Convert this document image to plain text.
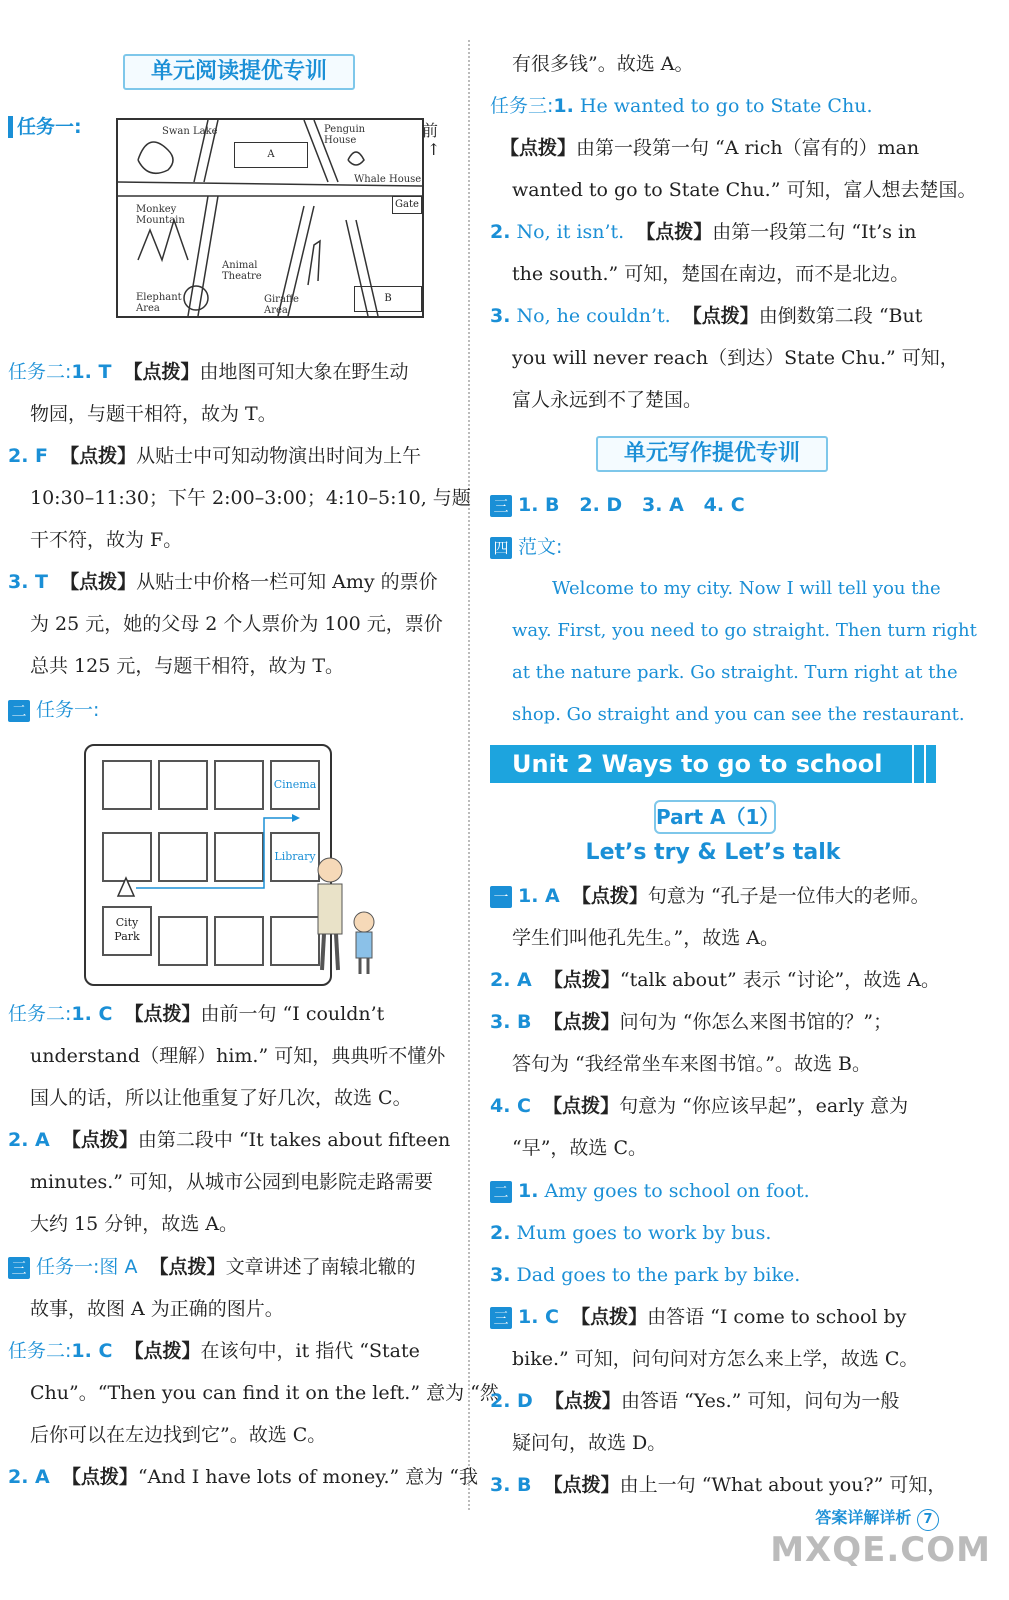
单元阅读提优专训
任务一:	Swan Lake	Penguin House
Whale House
A
Gate
Monkey Mountain
Animal Theatre
Elephant Area
Giraffe Area
B
前
↑
任务二:1. T 【点拨】由地图可知大象在野生动
物园，与题干相符，故为 T。
2. F 【点拨】从贴士中可知动物演出时间为上午
10:30–11:30；下午 2:00–3:00；4:10–5:10, 与题
干不符，故为 F。
3. T 【点拨】从贴士中价格一栏可知 Amy 的票价
为 25 元，她的父母 2 个人票价为 100 元，票价
总共 125 元，与题干相符，故为 T。
二 任务一:
Cinema
Library
City Park
任务二:1. C 【点拨】由前一句 “I couldn’t
understand（理解）him.” 可知，典典听不懂外
国人的话，所以让他重复了好几次，故选 C。
2. A 【点拨】由第二段中 “It takes about fifteen
minutes.” 可知，从城市公园到电影院走路需要
大约 15 分钟，故选 A。
三 任务一:图 A 【点拨】文章讲述了南辕北辙的
故事，故图 A 为正确的图片。
任务二:1. C 【点拨】在该句中，it 指代 “State
Chu”。“Then you can find it on the left.” 意为 “然
后你可以在左边找到它”。故选 C。
2. A 【点拨】“And I have lots of money.” 意为 “我
有很多钱”。故选 A。
任务三:1. He wanted to go to State Chu.
【点拨】由第一段第一句 “A rich（富有的）man
wanted to go to State Chu.” 可知，富人想去楚国。
2. No, it isn’t. 【点拨】由第一段第二句 “It’s in
the south.” 可知，楚国在南边，而不是北边。
3. No, he couldn’t. 【点拨】由倒数第二段 “But
you will never reach（到达）State Chu.” 可知，
富人永远到不了楚国。
单元写作提优专训
三 1. B   2. D   3. A   4. C
四 范文:
Welcome to my city. Now I will tell you the
way. First, you need to go straight. Then turn right
at the nature park. Go straight. Turn right at the
shop. Go straight and you can see the restaurant.
Unit 2 Ways to go to school
Part A（1）
Let’s try & Let’s talk
一 1. A 【点拨】句意为 “孔子是一位伟大的老师。
学生们叫他孔先生。”，故选 A。
2. A 【点拨】“talk about” 表示 “讨论”，故选 A。
3. B 【点拨】问句为 “你怎么来图书馆的？”；
答句为 “我经常坐车来图书馆。”。故选 B。
4. C 【点拨】句意为 “你应该早起”，early 意为
“早”，故选 C。
二 1. Amy goes to school on foot.
2. Mum goes to work by bus.
3. Dad goes to the park by bike.
三 1. C 【点拨】由答语 “I come to school by
bike.” 可知，问句问对方怎么来上学，故选 C。
2. D 【点拨】由答语 “Yes.” 可知，问句为一般
疑问句，故选 D。
3. B 【点拨】由上一句 “What about you?” 可知，
答案详解详析 7
MXQE.COM
